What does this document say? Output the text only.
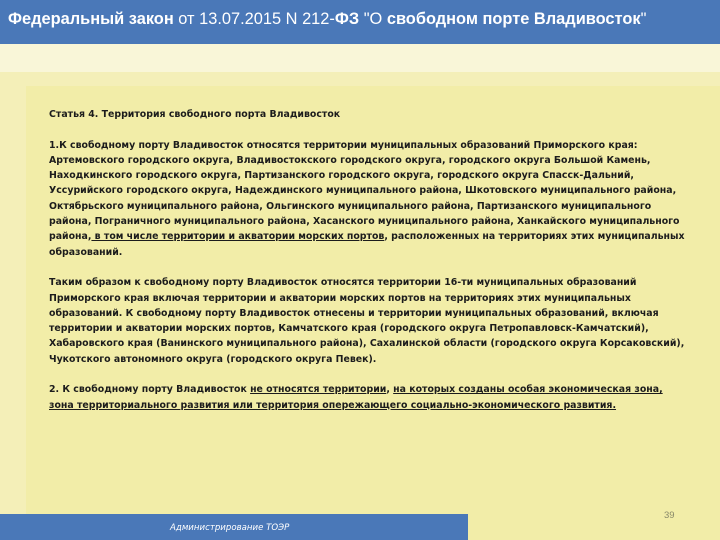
Федеральный закон от 13.07.2015 N 212-ФЗ "О свободном порте Владивосток"

Статья 4. Территория свободного порта Владивосток

1.К свободному порту Владивосток относятся территории муниципальных образований Приморского края: Артемовского городского округа, Владивостокского городского округа, городского округа Большой Камень, Находкинского городского округа, Партизанского городского округа, городского округа Спасск-Дальний, Уссурийского городского округа, Надеждинского муниципального района, Шкотовского муниципального района, Октябрьского муниципального района, Ольгинского муниципального района, Партизанского муниципального района, Пограничного муниципального района, Хасанского муниципального района, Ханкайского муниципального района, в том числе территории и акватории морских портов, расположенных на территориях этих муниципальных образований.

Таким образом к свободному порту Владивосток относятся территории 16-ти муниципальных образований Приморского края включая территории и акватории морских портов на территориях этих муниципальных образований. К свободному порту Владивосток отнесены и территории муниципальных образований, включая территории и акватории морских портов, Камчатского края (городского округа Петропавловск-Камчатский), Хабаровского края (Ванинского муниципального района), Сахалинской области (городского округа Корсаковский), Чукотского автономного округа (городского округа Певек).

2. К свободному порту Владивосток не относятся территории, на которых созданы особая экономическая зона, зона территориального развития или территория опережающего социально-экономического развития.

39
Администрирование ТОЭР
